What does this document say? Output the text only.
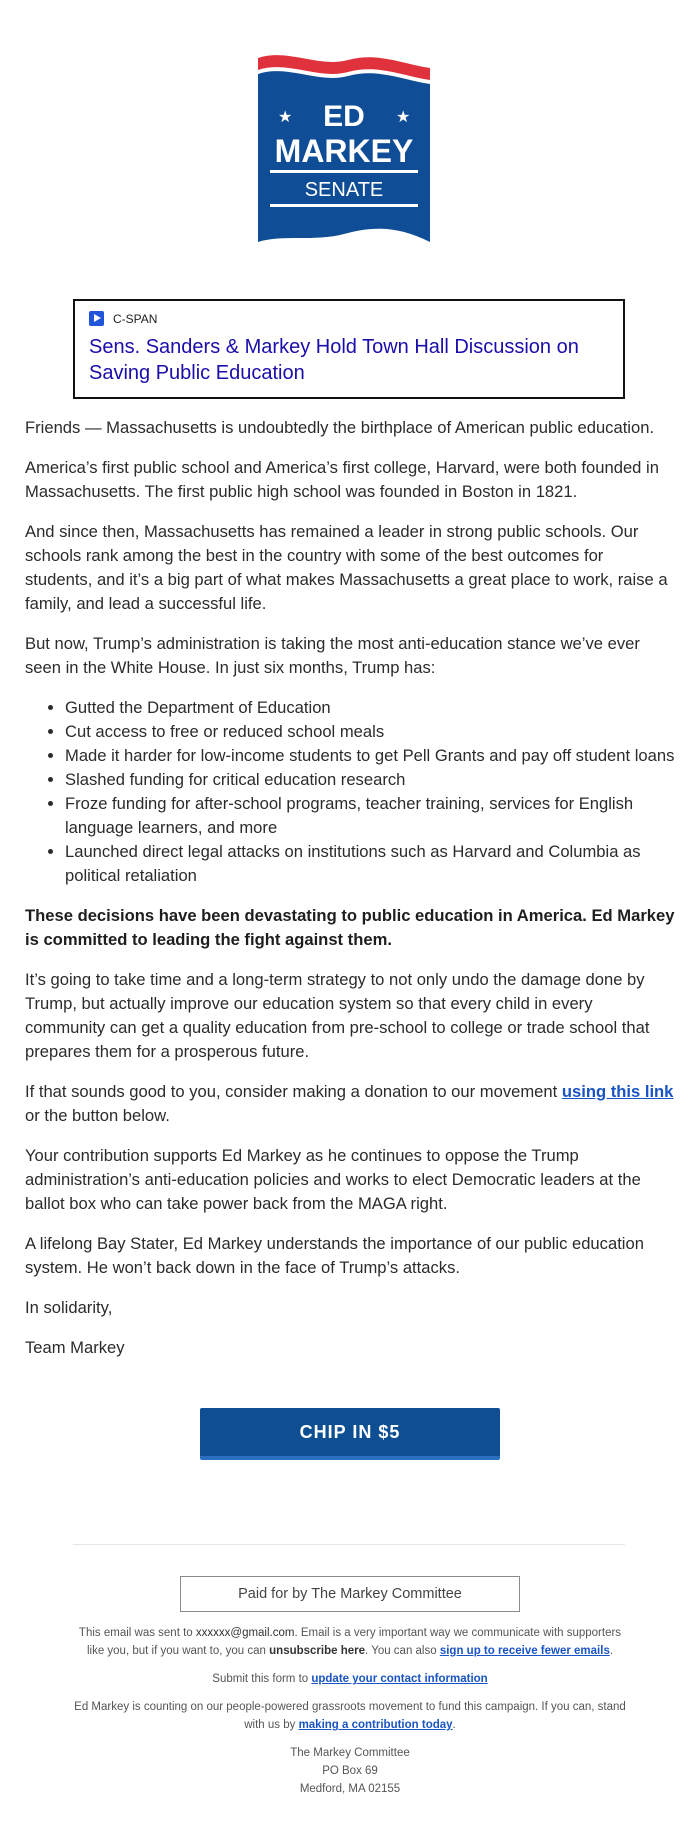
★	★
ED
MARKEY
SENATE
C-SPAN
Sens. Sanders & Markey Hold Town Hall Discussion on Saving Public Education

Friends — Massachusetts is undoubtedly the birthplace of American public education.

America’s first public school and America’s first college, Harvard, were both founded in Massachusetts. The first public high school was founded in Boston in 1821.

And since then, Massachusetts has remained a leader in strong public schools. Our schools rank among the best in the country with some of the best outcomes for students, and it’s a big part of what makes Massachusetts a great place to work, raise a family, and lead a successful life.

But now, Trump’s administration is taking the most anti-education stance we’ve ever seen in the White House. In just six months, Trump has:

• Gutted the Department of Education
• Cut access to free or reduced school meals
• Made it harder for low-income students to get Pell Grants and pay off student loans
• Slashed funding for critical education research
• Froze funding for after-school programs, teacher training, services for English language learners, and more
• Launched direct legal attacks on institutions such as Harvard and Columbia as political retaliation

These decisions have been devastating to public education in America. Ed Markey is committed to leading the fight against them.

It’s going to take time and a long-term strategy to not only undo the damage done by Trump, but actually improve our education system so that every child in every community can get a quality education from pre-school to college or trade school that prepares them for a prosperous future.

If that sounds good to you, consider making a donation to our movement using this link or the button below.

Your contribution supports Ed Markey as he continues to oppose the Trump administration’s anti-education policies and works to elect Democratic leaders at the ballot box who can take power back from the MAGA right.

A lifelong Bay Stater, Ed Markey understands the importance of our public education system. He won’t back down in the face of Trump’s attacks.

In solidarity,

Team Markey

CHIP IN $5
Paid for by The Markey Committee

This email was sent to xxxxxx@gmail.com. Email is a very important way we communicate with supporters like you, but if you want to, you can unsubscribe here. You can also sign up to receive fewer emails.

Submit this form to update your contact information

Ed Markey is counting on our people-powered grassroots movement to fund this campaign. If you can, stand with us by making a contribution today.

The Markey Committee
PO Box 69
Medford, MA 02155
